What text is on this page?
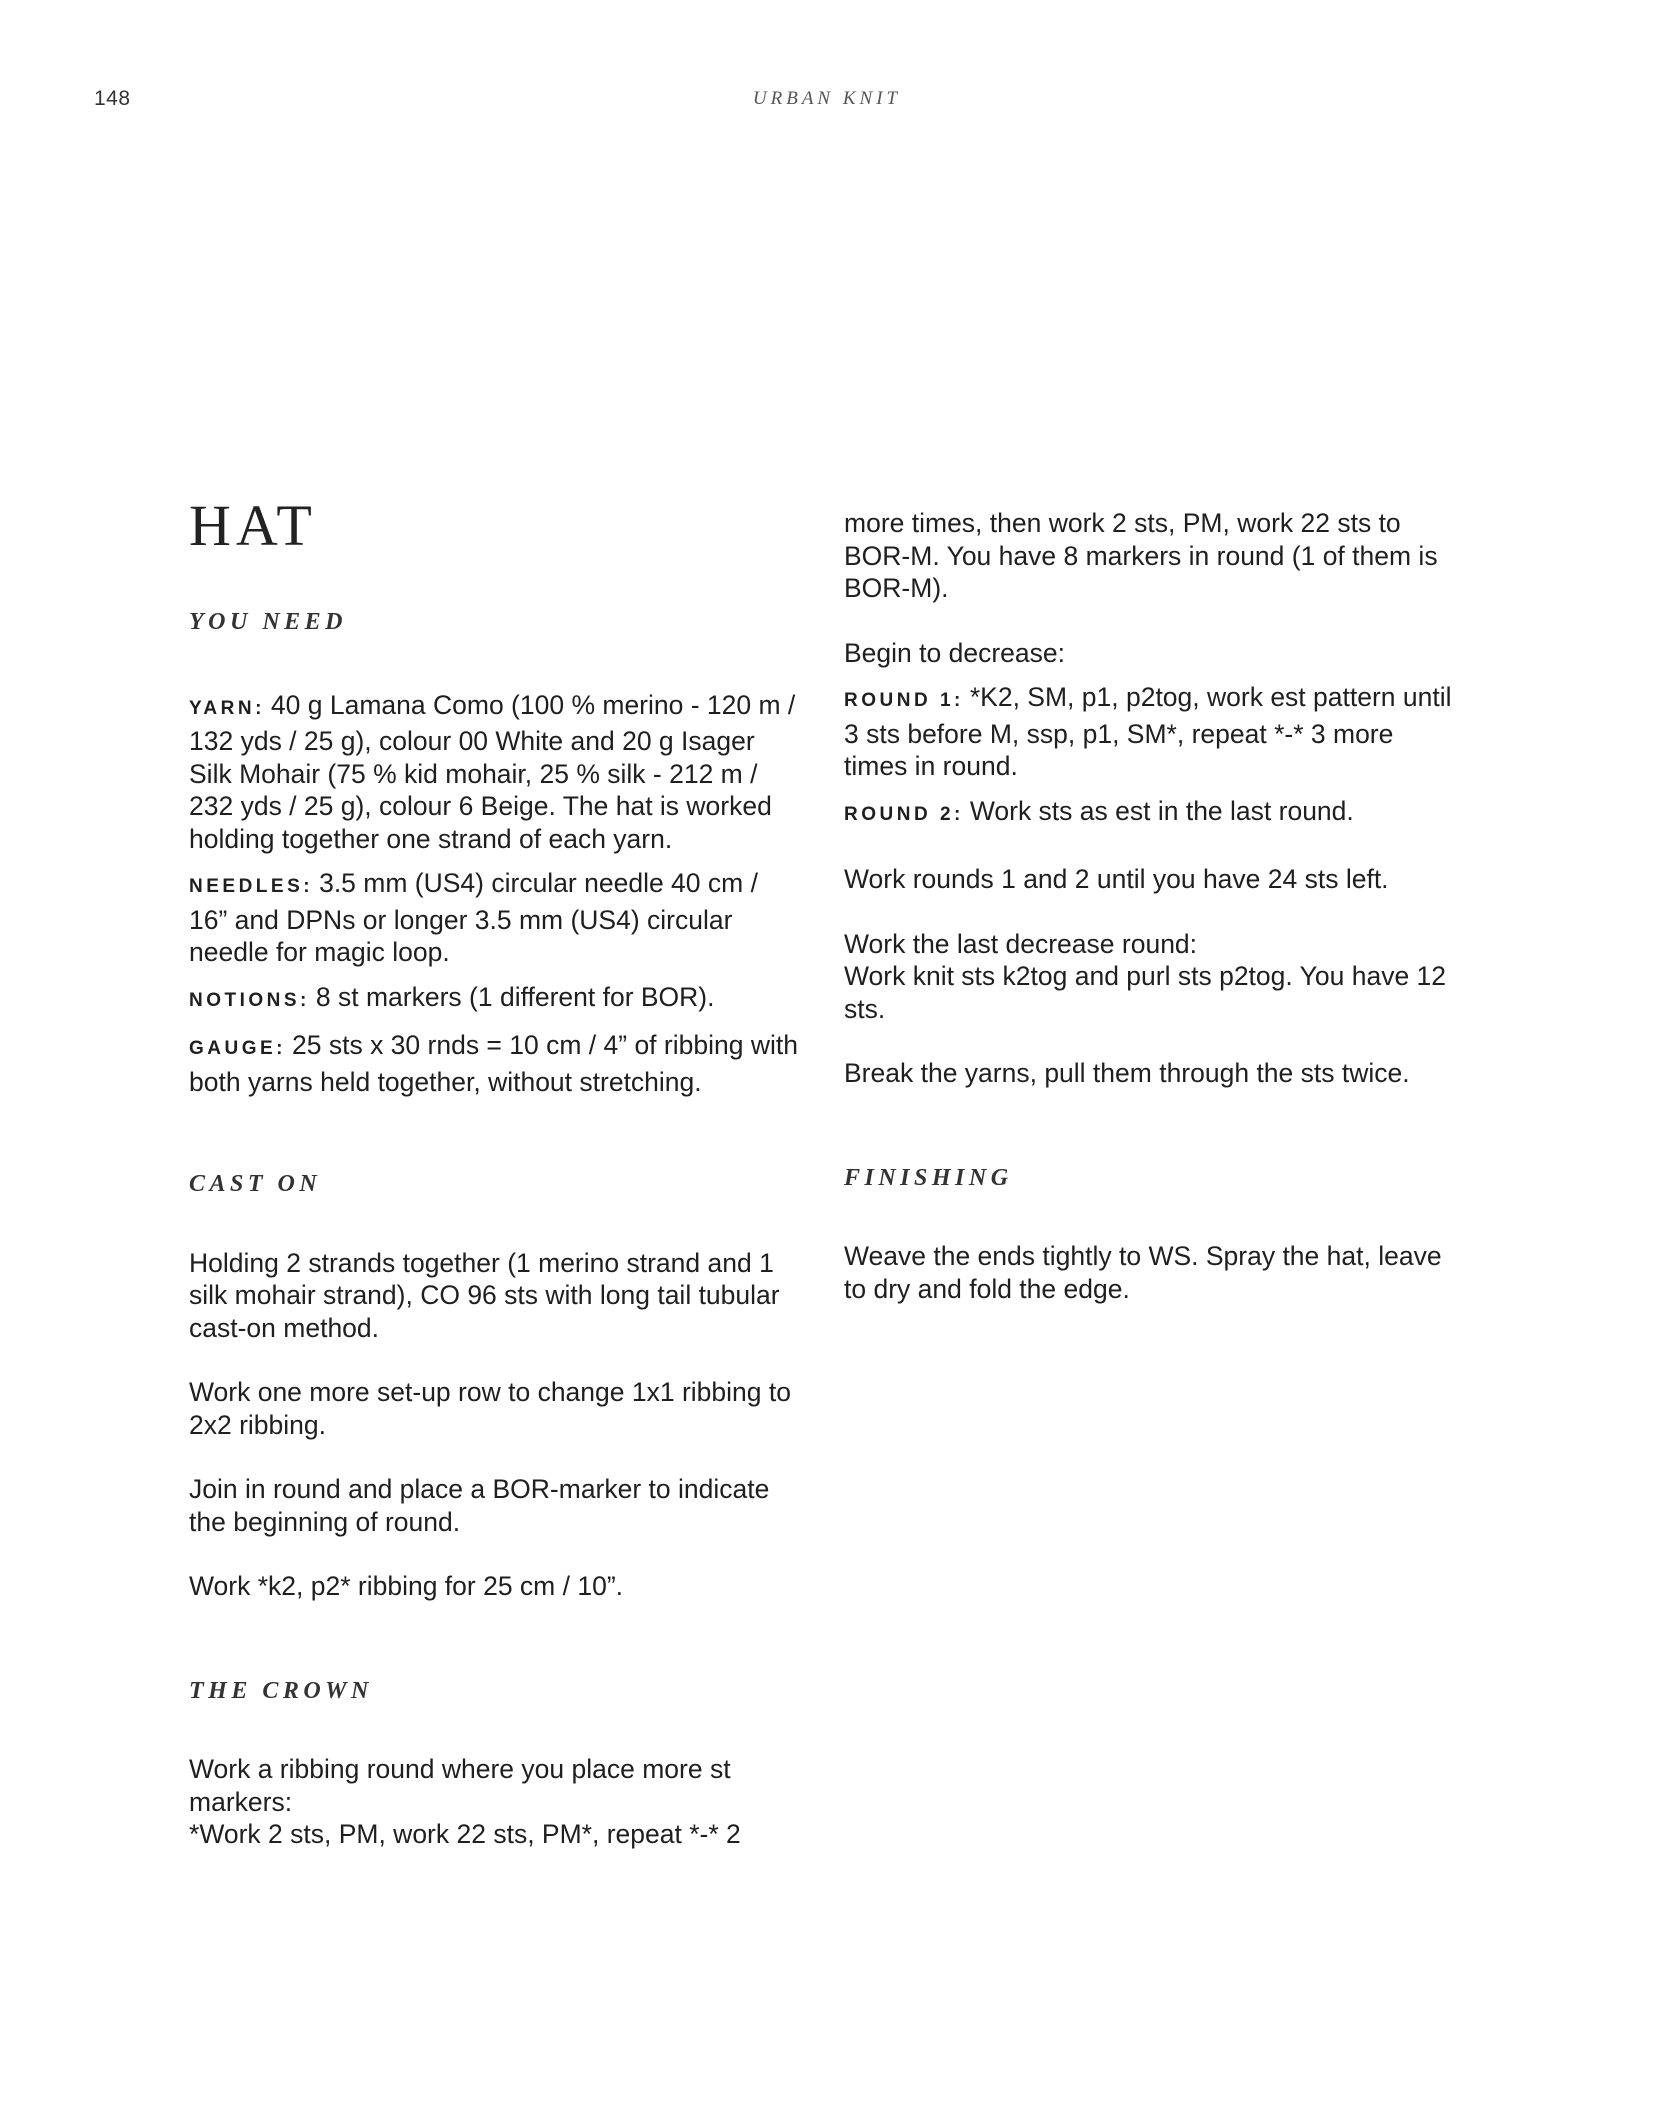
148	URBAN KNIT
HAT
YOU NEED

YARN: 40 g Lamana Como (100 % merino - 120 m / 132 yds / 25 g), colour 00 White and 20 g Isager Silk Mohair (75 % kid mohair, 25 % silk - 212 m / 232 yds / 25 g), colour 6 Beige. The hat is worked holding together one strand of each yarn.

NEEDLES: 3.5 mm (US4) circular needle 40 cm / 16” and DPNs or longer 3.5 mm (US4) circular needle for magic loop.

NOTIONS: 8 st markers (1 different for BOR).

GAUGE: 25 sts x 30 rnds = 10 cm / 4” of ribbing with both yarns held together, without stretching.

CAST ON

Holding 2 strands together (1 merino strand and 1 silk mohair strand), CO 96 sts with long tail tubular cast-on method.

Work one more set-up row to change 1x1 ribbing to 2x2 ribbing.

Join in round and place a BOR-marker to indicate the beginning of round.

Work *k2, p2* ribbing for 25 cm / 10”.

THE CROWN

Work a ribbing round where you place more st markers:

*Work 2 sts, PM, work 22 sts, PM*, repeat *-* 2

more times, then work 2 sts, PM, work 22 sts to BOR-M. You have 8 markers in round (1 of them is BOR-M).

Begin to decrease:

ROUND 1: *K2, SM, p1, p2tog, work est pattern until 3 sts before M, ssp, p1, SM*, repeat *-* 3 more times in round.

ROUND 2: Work sts as est in the last round.

Work rounds 1 and 2 until you have 24 sts left.

Work the last decrease round:

Work knit sts k2tog and purl sts p2tog. You have 12 sts.

Break the yarns, pull them through the sts twice.

FINISHING

Weave the ends tightly to WS. Spray the hat, leave to dry and fold the edge.
